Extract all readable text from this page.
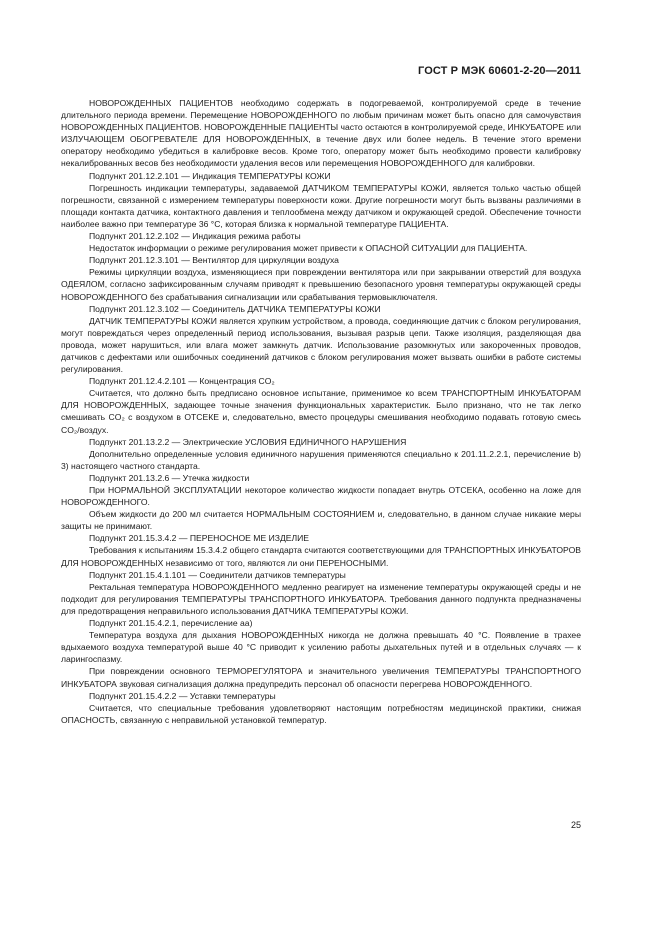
ГОСТ Р МЭК 60601-2-20—2011

НОВОРОЖДЕННЫХ ПАЦИЕНТОВ необходимо содержать в подогреваемой, контролируемой среде в течение длительного периода времени. Перемещение НОВОРОЖДЕННОГО по любым причинам может быть опасно для самочувствия НОВОРОЖДЕННЫХ ПАЦИЕНТОВ. НОВОРОЖДЕННЫЕ ПАЦИЕНТЫ часто остаются в контролируемой среде, ИНКУБАТОРЕ или ИЗЛУЧАЮЩЕМ ОБОГРЕВАТЕЛЕ ДЛЯ НОВОРОЖДЕННЫХ, в течение двух или более недель. В течение этого времени оператору необходимо убедиться в калибровке весов. Кроме того, оператору может быть необходимо провести калибровку некалиброванных весов без необходимости удаления весов или перемещения НОВОРОЖДЕННОГО для калибровки.

Подпункт 201.12.2.101 — Индикация ТЕМПЕРАТУРЫ КОЖИ

Погрешность индикации температуры, задаваемой ДАТЧИКОМ ТЕМПЕРАТУРЫ КОЖИ, является только частью общей погрешности, связанной с измерением температуры поверхности кожи. Другие погрешности могут быть вызваны различиями в площади контакта датчика, контактного давления и теплообмена между датчиком и окружающей средой. Обеспечение точности наиболее важно при температуре 36 °С, которая близка к нормальной температуре ПАЦИЕНТА.

Подпункт 201.12.2.102 — Индикация режима работы

Недостаток информации о режиме регулирования может привести к ОПАСНОЙ СИТУАЦИИ для ПАЦИЕНТА.

Подпункт 201.12.3.101 — Вентилятор для циркуляции воздуха

Режимы циркуляции воздуха, изменяющиеся при повреждении вентилятора или при закрывании отверстий для воздуха ОДЕЯЛОМ, согласно зафиксированным случаям приводят к превышению безопасного уровня температуры окружающей среды НОВОРОЖДЕННОГО без срабатывания сигнализации или срабатывания термовыключателя.

Подпункт 201.12.3.102 — Соединитель ДАТЧИКА ТЕМПЕРАТУРЫ КОЖИ

ДАТЧИК ТЕМПЕРАТУРЫ КОЖИ является хрупким устройством, а провода, соединяющие датчик с блоком регулирования, могут повреждаться через определенный период использования, вызывая разрыв цепи. Также изоляция, разделяющая два провода, может нарушиться, или влага может замкнуть датчик. Использование разомкнутых или закороченных проводов, датчиков с дефектами или ошибочных соединений датчиков с блоком регулирования может вызвать ошибки в работе системы регулирования.

Подпункт 201.12.4.2.101 — Концентрация CO₂

Считается, что должно быть предписано основное испытание, применимое ко всем ТРАНСПОРТНЫМ ИНКУБАТОРАМ ДЛЯ НОВОРОЖДЕННЫХ, задающее точные значения функциональных характеристик. Было признано, что не так легко смешивать CO₂ с воздухом в ОТСЕКЕ и, следовательно, вместо процедуры смешивания необходимо подавать готовую смесь CO₂/воздух.

Подпункт 201.13.2.2 — Электрические УСЛОВИЯ ЕДИНИЧНОГО НАРУШЕНИЯ

Дополнительно определенные условия единичного нарушения применяются специально к 201.11.2.2.1, перечисление b) 3) настоящего частного стандарта.

Подпункт 201.13.2.6 — Утечка жидкости

При НОРМАЛЬНОЙ ЭКСПЛУАТАЦИИ некоторое количество жидкости попадает внутрь ОТСЕКА, особенно на ложе для НОВОРОЖДЕННОГО.

Объем жидкости до 200 мл считается НОРМАЛЬНЫМ СОСТОЯНИЕМ и, следовательно, в данном случае никакие меры защиты не принимают.

Подпункт 201.15.3.4.2 — ПЕРЕНОСНОЕ МЕ ИЗДЕЛИЕ

Требования к испытаниям 15.3.4.2 общего стандарта считаются соответствующими для ТРАНСПОРТНЫХ ИНКУБАТОРОВ ДЛЯ НОВОРОЖДЕННЫХ независимо от того, являются ли они ПЕРЕНОСНЫМИ.

Подпункт 201.15.4.1.101 — Соединители датчиков температуры

Ректальная температура НОВОРОЖДЕННОГО медленно реагирует на изменение температуры окружающей среды и не подходит для регулирования ТЕМПЕРАТУРЫ ТРАНСПОРТНОГО ИНКУБАТОРА. Требования данного подпункта предназначены для предотвращения неправильного использования ДАТЧИКА ТЕМПЕРАТУРЫ КОЖИ.

Подпункт 201.15.4.2.1, перечисление аа)

Температура воздуха для дыхания НОВОРОЖДЕННЫХ никогда не должна превышать 40 °С. Появление в трахее вдыхаемого воздуха температурой выше 40 °С приводит к усилению работы дыхательных путей и в отдельных случаях — к ларингоспазму.

При повреждении основного ТЕРМОРЕГУЛЯТОРА и значительного увеличения ТЕМПЕРАТУРЫ ТРАНСПОРТНОГО ИНКУБАТОРА звуковая сигнализация должна предупредить персонал об опасности перегрева НОВОРОЖДЕННОГО.

Подпункт 201.15.4.2.2 — Уставки температуры

Считается, что специальные требования удовлетворяют настоящим потребностям медицинской практики, снижая ОПАСНОСТЬ, связанную с неправильной установкой температур.

25
